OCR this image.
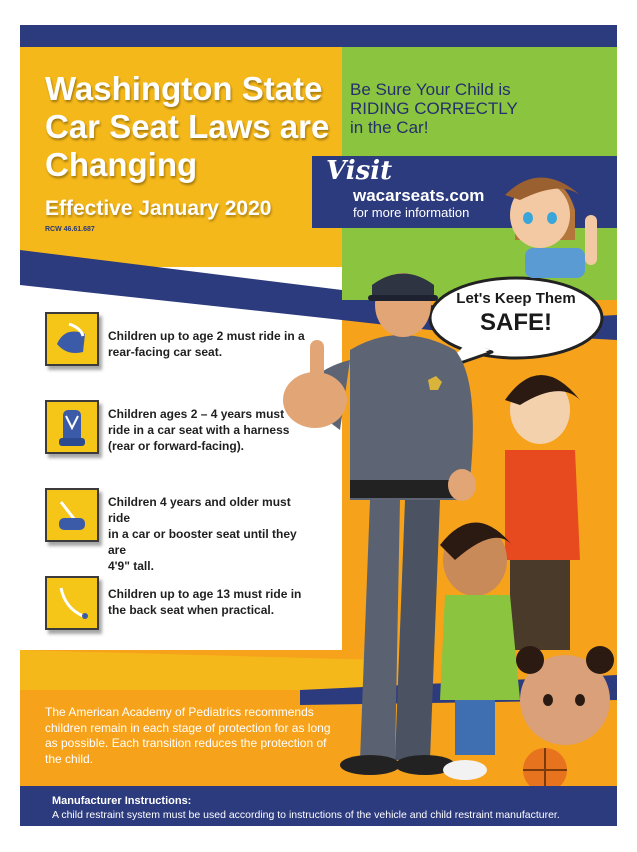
Washington State
Car Seat Laws are
Changing
Effective January 2020
RCW 46.61.687
Be Sure Your Child is
RIDING CORRECTLY
in the Car!
Visit
wacarseats.com
for more information
Let's Keep Them
SAFE!
Children up to age 2 must ride in a
rear-facing car seat.
Children ages 2 – 4 years must
ride in a car seat with a harness
(rear or forward-facing).
Children 4 years and older must ride
in a car or booster seat until they are
4'9" tall.
Children up to age 13 must ride in
the back seat when practical.
The American Academy of Pediatrics recommends children remain in each stage of protection for as long as possible. Each transition reduces the protection of the child.
Manufacturer Instructions:
A child restraint system must be used according to instructions of the vehicle and child restraint manufacturer.
